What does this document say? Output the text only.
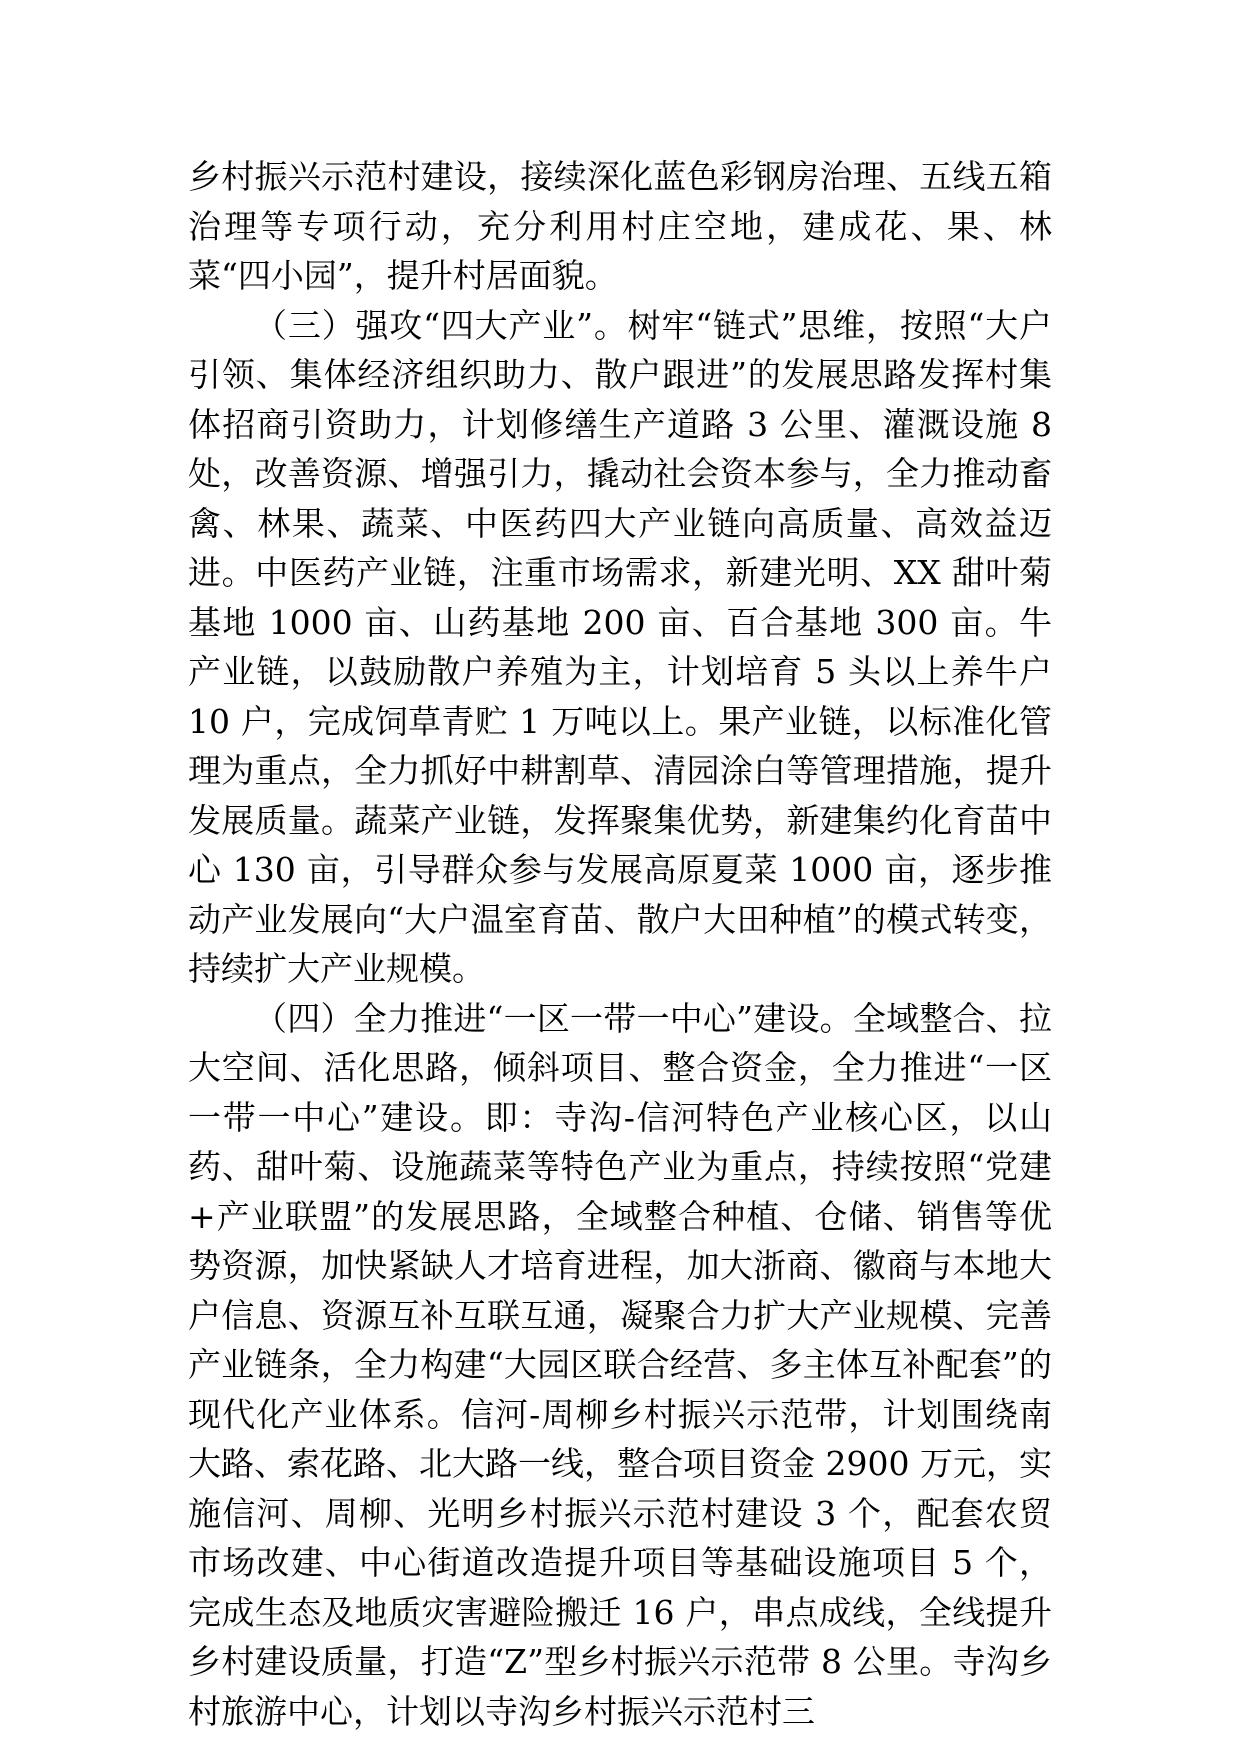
乡村振兴示范村建设，接续深化蓝色彩钢房治理、五线五箱治理等专项行动，充分利用村庄空地，建成花、果、林菜“四小园”，提升村居面貌。

（三）强攻“四大产业”。树牢“链式”思维，按照“大户引领、集体经济组织助力、散户跟进”的发展思路发挥村集体招商引资助力，计划修缮生产道路 3 公里、灌溉设施 8 处，改善资源、增强引力，撬动社会资本参与，全力推动畜禽、林果、蔬菜、中医药四大产业链向高质量、高效益迈进。中医药产业链，注重市场需求，新建光明、XX 甜叶菊基地 1000 亩、山药基地 200 亩、百合基地 300 亩。牛产业链，以鼓励散户养殖为主，计划培育 5 头以上养牛户 10 户，完成饲草青贮 1 万吨以上。果产业链，以标准化管理为重点，全力抓好中耕割草、清园涂白等管理措施，提升发展质量。蔬菜产业链，发挥聚集优势，新建集约化育苗中心 130 亩，引导群众参与发展高原夏菜 1000 亩，逐步推动产业发展向“大户温室育苗、散户大田种植”的模式转变，持续扩大产业规模。

（四）全力推进“一区一带一中心”建设。全域整合、拉大空间、活化思路，倾斜项目、整合资金，全力推进“一区一带一中心”建设。即：寺沟-信河特色产业核心区，以山药、甜叶菊、设施蔬菜等特色产业为重点，持续按照“党建+产业联盟”的发展思路，全域整合种植、仓储、销售等优势资源，加快紧缺人才培育进程，加大浙商、徽商与本地大户信息、资源互补互联互通，凝聚合力扩大产业规模、完善产业链条，全力构建“大园区联合经营、多主体互补配套”的现代化产业体系。信河-周柳乡村振兴示范带，计划围绕南大路、索花路、北大路一线，整合项目资金 2900 万元，实施信河、周柳、光明乡村振兴示范村建设 3 个，配套农贸市场改建、中心街道改造提升项目等基础设施项目 5 个，完成生态及地质灾害避险搬迁 16 户，串点成线，全线提升乡村建设质量，打造“Z”型乡村振兴示范带 8 公里。寺沟乡村旅游中心，计划以寺沟乡村振兴示范村三
